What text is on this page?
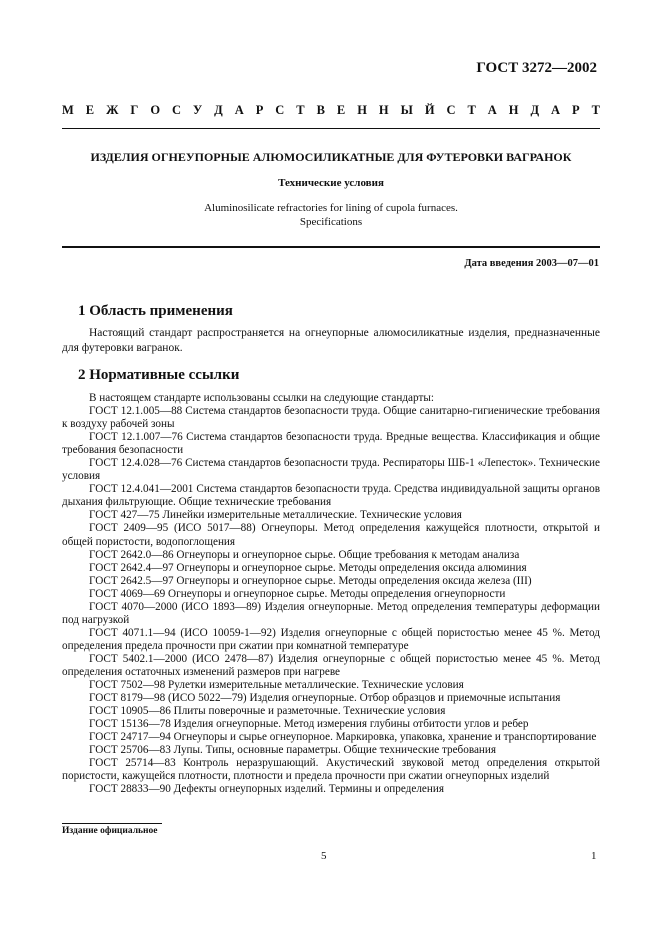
ГОСТ 3272—2002
М Е Ж Г О С У Д А Р С Т В Е Н Н Ы Й С Т А Н Д А Р Т
ИЗДЕЛИЯ ОГНЕУПОРНЫЕ АЛЮМОСИЛИКАТНЫЕ ДЛЯ ФУТЕРОВКИ ВАГРАНОК
Технические условия
Aluminosilicate refractories for lining of cupola furnaces.
Specifications
Дата введения 2003—07—01
1 Область применения
Настоящий стандарт распространяется на огнеупорные алюмосиликатные изделия, предназначенные для футеровки вагранок.
2 Нормативные ссылки

В настоящем стандарте использованы ссылки на следующие стандарты:

ГОСТ 12.1.005—88 Система стандартов безопасности труда. Общие санитарно-гигиенические требования к воздуху рабочей зоны

ГОСТ 12.1.007—76 Система стандартов безопасности труда. Вредные вещества. Классификация и общие требования безопасности

ГОСТ 12.4.028—76 Система стандартов безопасности труда. Респираторы ШБ-1 «Лепесток». Технические условия

ГОСТ 12.4.041—2001 Система стандартов безопасности труда. Средства индивидуальной защиты органов дыхания фильтрующие. Общие технические требования

ГОСТ 427—75 Линейки измерительные металлические. Технические условия

ГОСТ 2409—95 (ИСО 5017—88) Огнеупоры. Метод определения кажущейся плотности, открытой и общей пористости, водопоглощения

ГОСТ 2642.0—86 Огнеупоры и огнеупорное сырье. Общие требования к методам анализа

ГОСТ 2642.4—97 Огнеупоры и огнеупорное сырье. Методы определения оксида алюминия

ГОСТ 2642.5—97 Огнеупоры и огнеупорное сырье. Методы определения оксида железа (III)

ГОСТ 4069—69 Огнеупоры и огнеупорное сырье. Методы определения огнеупорности

ГОСТ 4070—2000 (ИСО 1893—89) Изделия огнеупорные. Метод определения температуры деформации под нагрузкой

ГОСТ 4071.1—94 (ИСО 10059-1—92) Изделия огнеупорные с общей пористостью менее 45 %. Метод определения предела прочности при сжатии при комнатной температуре

ГОСТ 5402.1—2000 (ИСО 2478—87) Изделия огнеупорные с общей пористостью менее 45 %. Метод определения остаточных изменений размеров при нагреве

ГОСТ 7502—98 Рулетки измерительные металлические. Технические условия

ГОСТ 8179—98 (ИСО 5022—79) Изделия огнеупорные. Отбор образцов и приемочные испытания

ГОСТ 10905—86 Плиты поверочные и разметочные. Технические условия

ГОСТ 15136—78 Изделия огнеупорные. Метод измерения глубины отбитости углов и ребер

ГОСТ 24717—94 Огнеупоры и сырье огнеупорное. Маркировка, упаковка, хранение и транспортирование

ГОСТ 25706—83 Лупы. Типы, основные параметры. Общие технические требования

ГОСТ 25714—83 Контроль неразрушающий. Акустический звуковой метод определения открытой пористости, кажущейся плотности, плотности и предела прочности при сжатии огнеупорных изделий

ГОСТ 28833—90 Дефекты огнеупорных изделий. Термины и определения

Издание официальное
5	1
